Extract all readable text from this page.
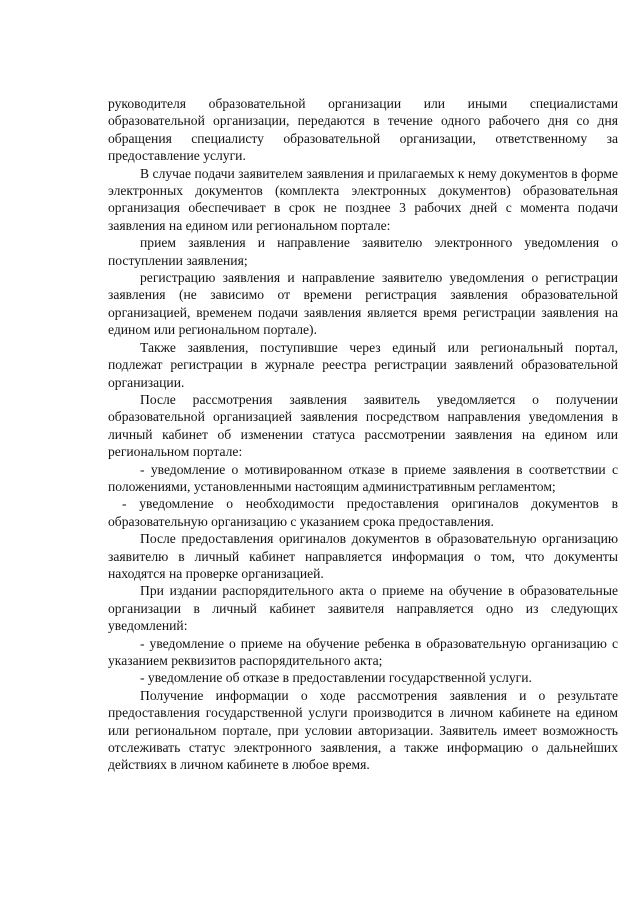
руководителя образовательной организации или иными специалистами образовательной организации, передаются в течение одного рабочего дня со дня обращения специалисту образовательной организации, ответственному за предоставление услуги.

В случае подачи заявителем заявления и прилагаемых к нему документов в форме электронных документов (комплекта электронных документов) образовательная организация обеспечивает в срок не позднее 3 рабочих дней с момента подачи заявления на едином или региональном портале:

прием заявления и направление заявителю электронного уведомления о поступлении заявления;

регистрацию заявления и направление заявителю уведомления о регистрации заявления (не зависимо от времени регистрация заявления образовательной организацией, временем подачи заявления является время регистрации заявления на едином или региональном портале).

Также заявления, поступившие через единый или региональный портал, подлежат регистрации в журнале реестра регистрации заявлений образовательной организации.

После рассмотрения заявления заявитель уведомляется о получении образовательной организацией заявления посредством направления уведомления в личный кабинет об изменении статуса рассмотрении заявления на едином или региональном портале:

- уведомление о мотивированном отказе в приеме заявления в соответствии с положениями, установленными настоящим административным регламентом;

- уведомление о необходимости предоставления оригиналов документов в образовательную организацию с указанием срока предоставления.

После предоставления оригиналов документов в образовательную организацию заявителю в личный кабинет направляется информация о том, что документы находятся на проверке организацией.

При издании распорядительного акта о приеме на обучение в образовательные организации в личный кабинет заявителя направляется одно из следующих уведомлений:

- уведомление о приеме на обучение ребенка в образовательную организацию с указанием реквизитов распорядительного акта;

- уведомление об отказе в предоставлении государственной услуги.

Получение информации о ходе рассмотрения заявления и о результате предоставления государственной услуги производится в личном кабинете на едином или региональном портале, при условии авторизации. Заявитель имеет возможность отслеживать статус электронного заявления, а также информацию о дальнейших действиях в личном кабинете в любое время.
